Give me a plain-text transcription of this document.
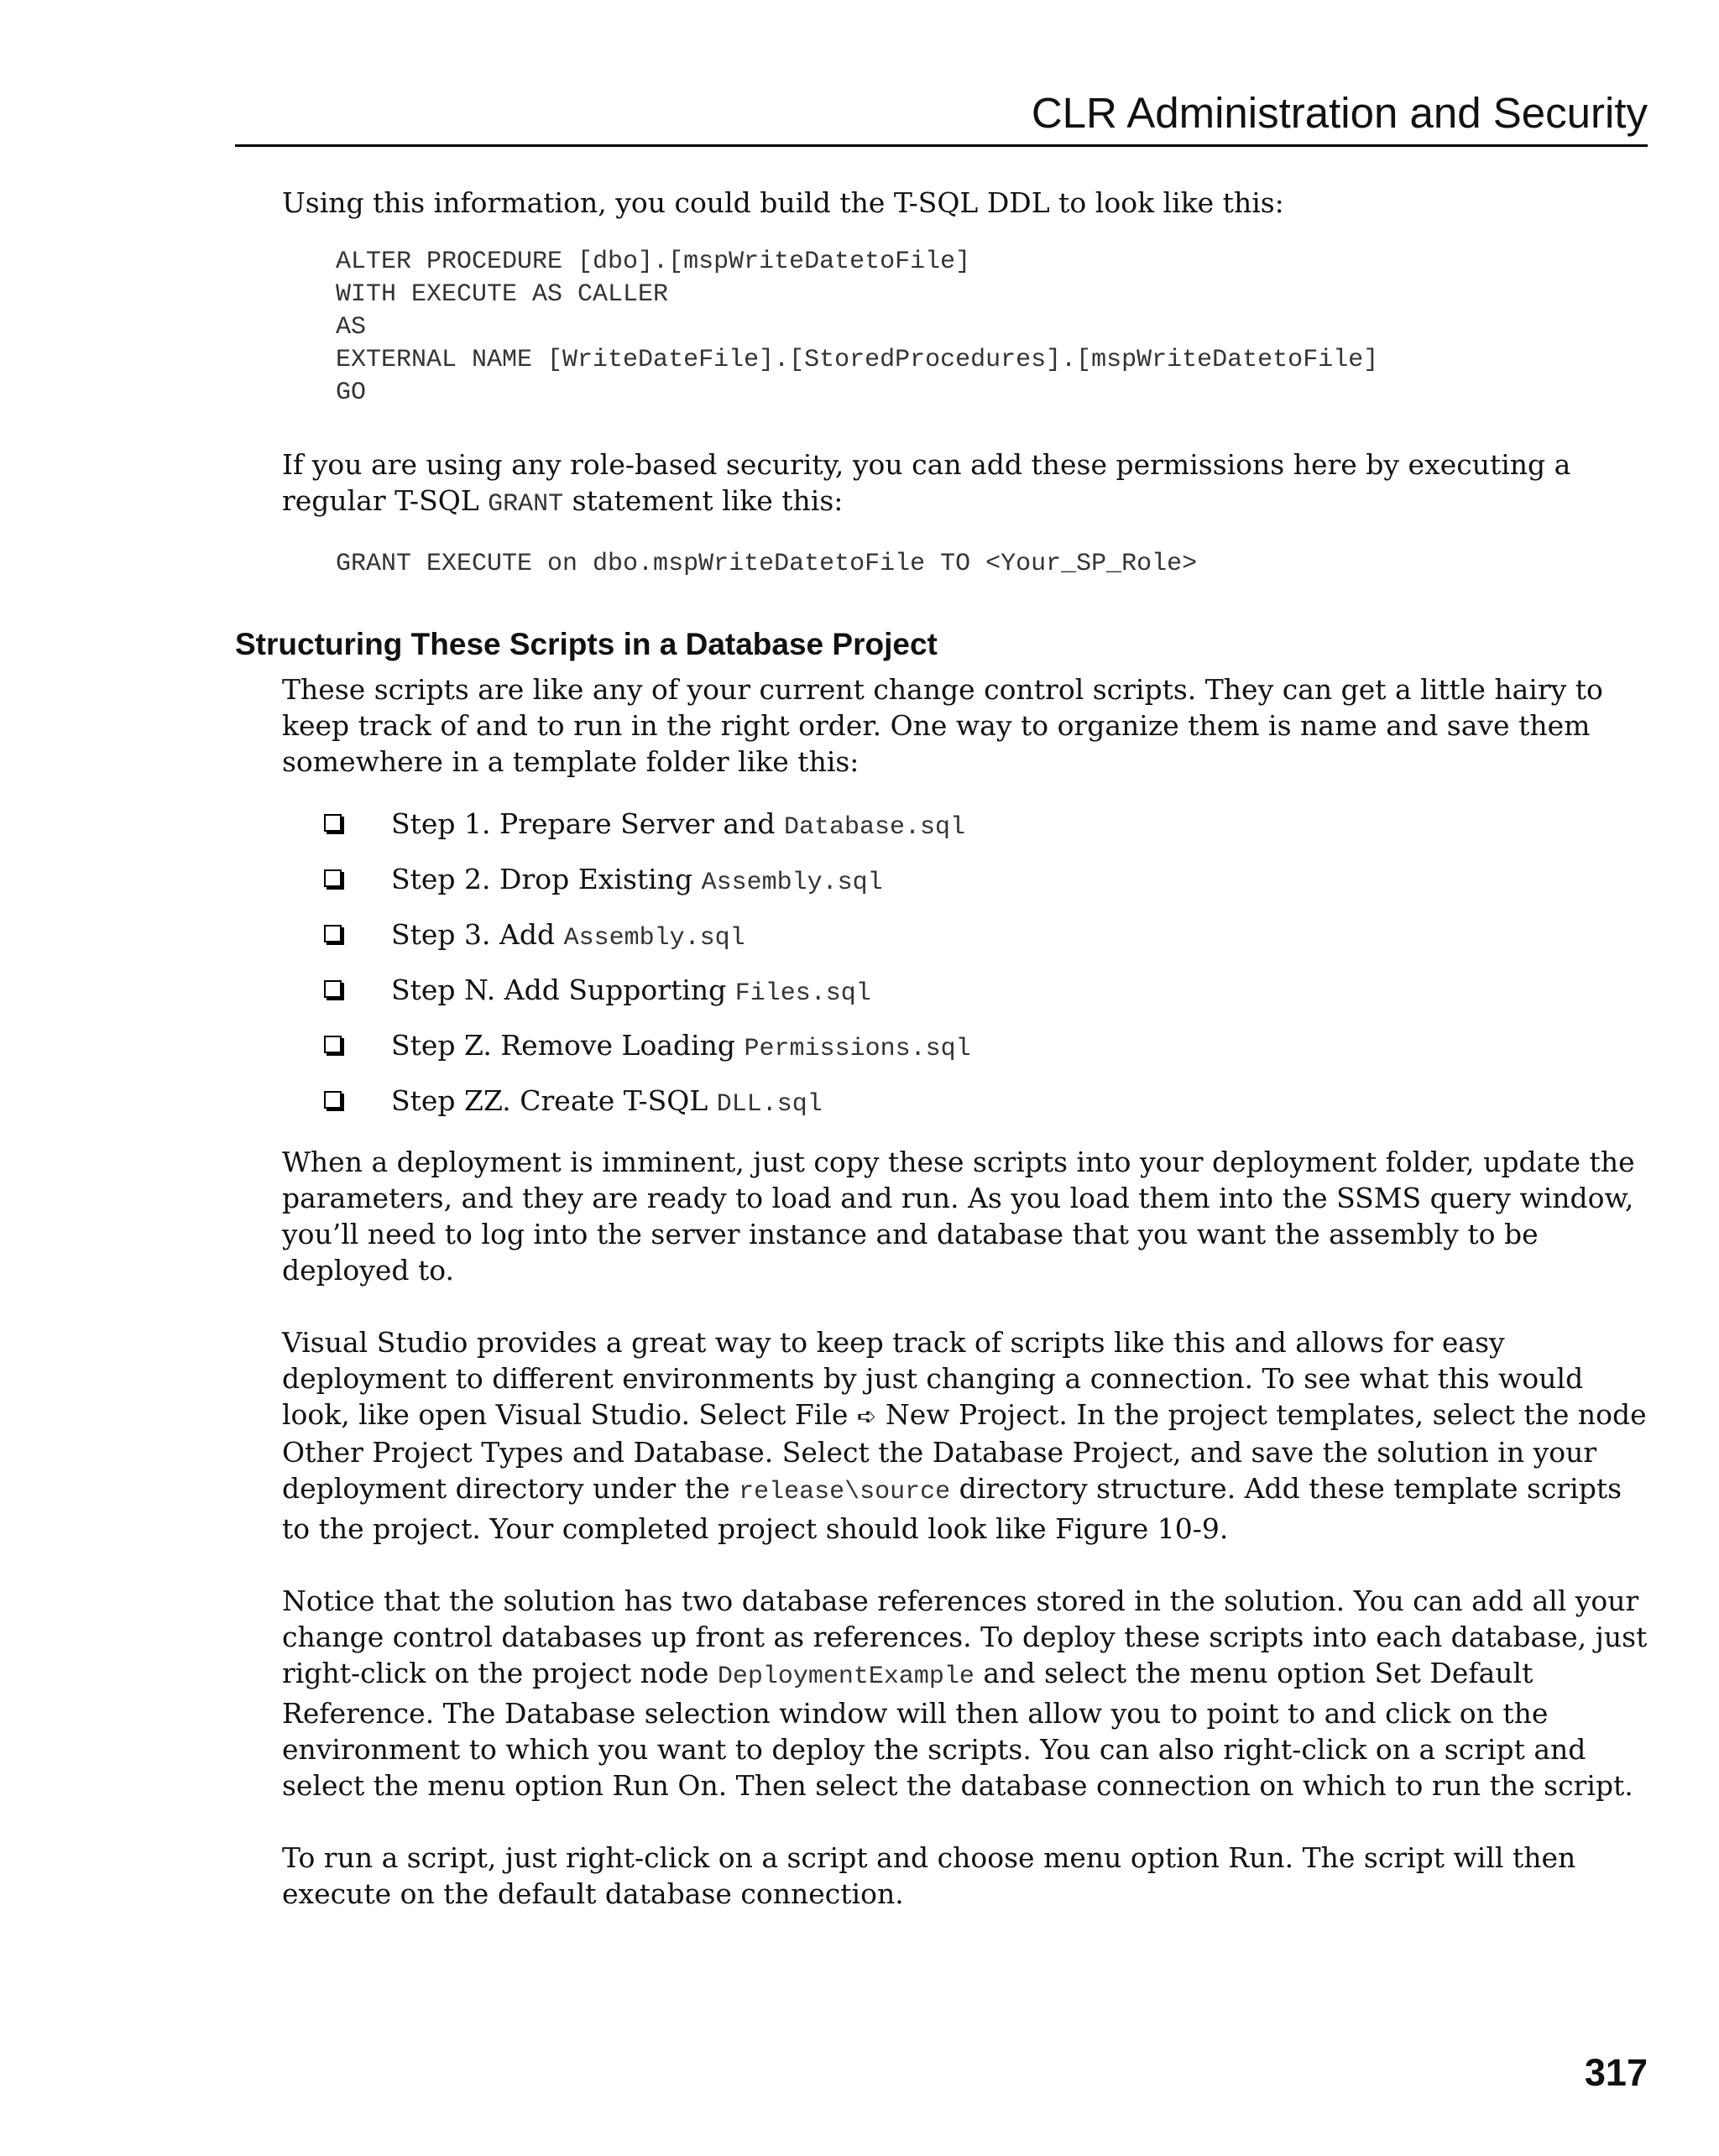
CLR Administration and Security

Using this information, you could build the T-SQL DDL to look like this:

ALTER PROCEDURE [dbo].[mspWriteDatetoFile]
WITH EXECUTE AS CALLER
AS
EXTERNAL NAME [WriteDateFile].[StoredProcedures].[mspWriteDatetoFile]
GO

If you are using any role-based security, you can add these permissions here by executing a regular T-SQL GRANT statement like this:

GRANT EXECUTE on dbo.mspWriteDatetoFile TO <Your_SP_Role>
Structuring These Scripts in a Database Project

These scripts are like any of your current change control scripts. They can get a little hairy to keep track of and to run in the right order. One way to organize them is name and save them somewhere in a template folder like this:

Step 1. Prepare Server and Database.sql
Step 2. Drop Existing Assembly.sql
Step 3. Add Assembly.sql
Step N. Add Supporting Files.sql
Step Z. Remove Loading Permissions.sql
Step ZZ. Create T-SQL DLL.sql

When a deployment is imminent, just copy these scripts into your deployment folder, update the parameters, and they are ready to load and run. As you load them into the SSMS query window, you’ll need to log into the server instance and database that you want the assembly to be deployed to.

Visual Studio provides a great way to keep track of scripts like this and allows for easy deployment to different environments by just changing a connection. To see what this would look, like open Visual Studio. Select File ➪ New Project. In the project templates, select the node Other Project Types and Database. Select the Database Project, and save the solution in your deployment directory under the release\source directory structure. Add these template scripts to the project. Your completed project should look like Figure 10-9.

Notice that the solution has two database references stored in the solution. You can add all your change control databases up front as references. To deploy these scripts into each database, just right-click on the project node DeploymentExample and select the menu option Set Default Reference. The Database selection window will then allow you to point to and click on the environment to which you want to deploy the scripts. You can also right-click on a script and select the menu option Run On. Then select the database connection on which to run the script.

To run a script, just right-click on a script and choose menu option Run. The script will then execute on the default database connection.

317
